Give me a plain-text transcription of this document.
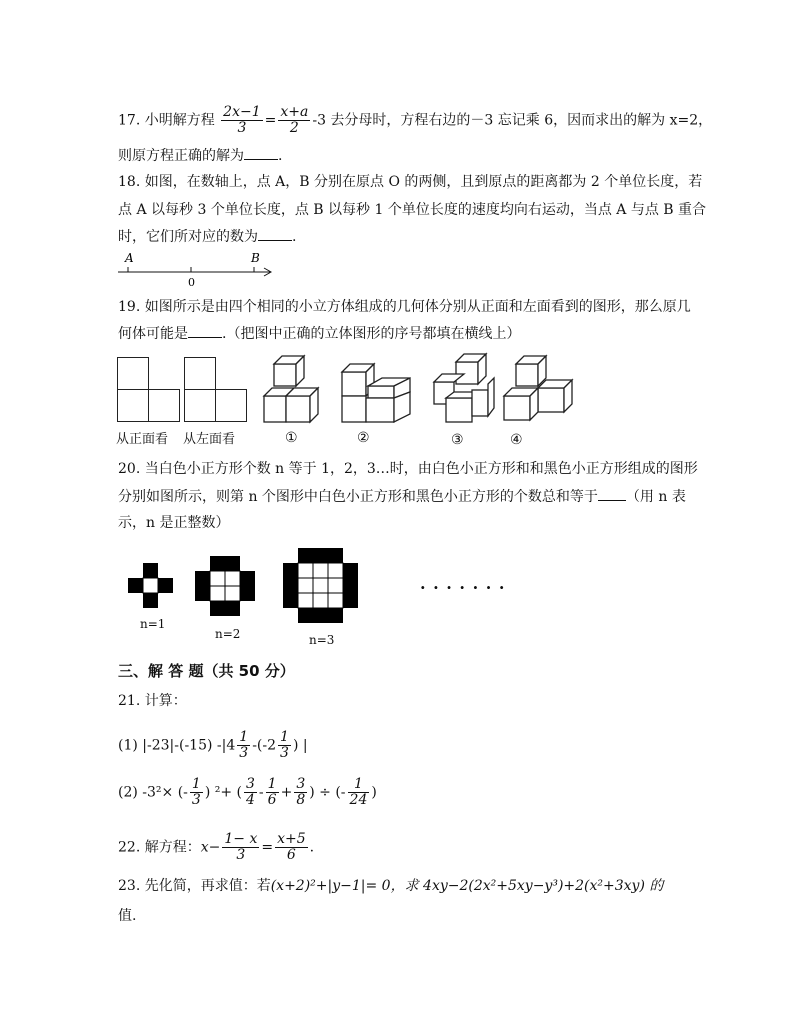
17. 小明解方程 $\frac{2x-1}{3} = \frac{x+a}{2} -3$ 去分母时，方程右边的－3 忘记乘 6，因而求出的解为 x=2，
则原方程正确的解为 .
18. 如图，在数轴上，点 A，B 分别在原点 O 的两侧，且到原点的距离都为 2 个单位长度，若
点 A 以每秒 3 个单位长度，点 B 以每秒 1 个单位长度的速度均向右运动，当点 A 与点 B 重合
时，它们所对应的数为 .
A	B
0
19. 如图所示是由四个相同的小立方体组成的几何体分别从正面和左面看到的图形，那么原几
何体可能是 .（把图中正确的立体图形的序号都填在横线上）
从正面看 从左面看	①	②	③	④
20. 当白色小正方形个数 n 等于 1，2，3…时，由白色小正方形和和黑色小正方形组成的图形
分别如图所示，则第 n 个图形中白色小正方形和黑色小正方形的个数总和等于 （用 n 表
示，n 是正整数）
n=1
n=2	n=3
· · · · · · ·
三、解 答 题（共 50 分）
21. 计算：
(1) |-23|-(-15) $-|4 \frac{1}{3} -(-2 \frac{1}{3}$ ) |
(2) -3²× (- $\frac{1}{3}$ ) ²+ ( $\frac{3}{4} - \frac{1}{6} + \frac{3}{8}$ ) ÷ (- $\frac{1}{24}$ )
22. 解方程：$x- \frac{1- x}{3} = \frac{x+5}{6}$ .
23. 先化简，再求值：若(x+2)²+|y−1|= 0，求 4xy−2(2x²+5xy−y³)+2(x²+3xy) 的
值.
